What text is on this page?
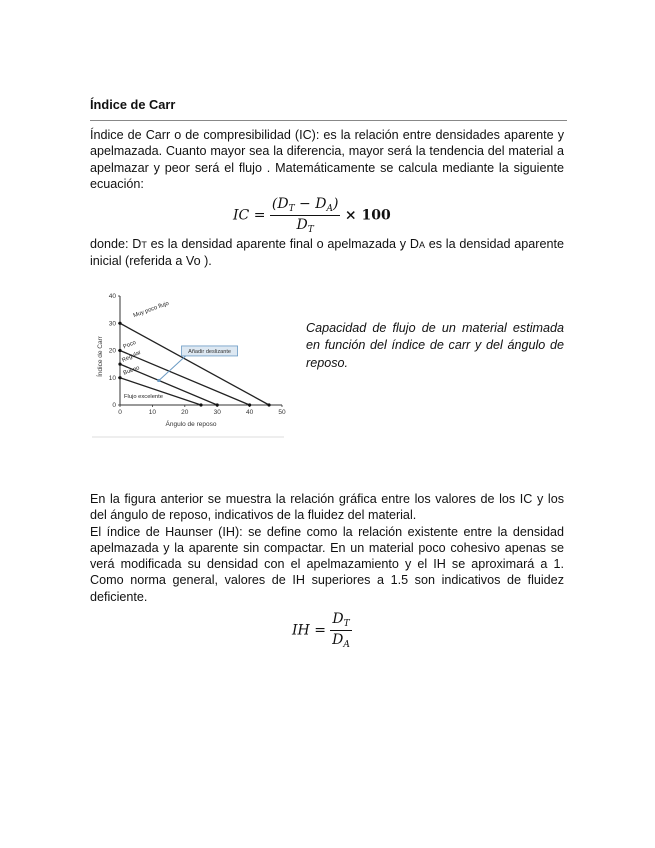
Índice de Carr
Índice de Carr o de compresibilidad (IC): es la relación entre densidades aparente y apelmazada. Cuanto mayor sea la diferencia, mayor será la tendencia del material a apelmazar y peor será el flujo . Matemáticamente se calcula mediante la siguiente ecuación:
IC = $\frac{(D_T - D_A)}{D_T} \times 100$
donde: DT es la densidad aparente final o apelmazada y DA es la densidad aparente inicial (referida a Vo ).
0	10	20	30	40	50
0
10
20
30
40
Ángulo de reposo
Índice de Carr
Muy poco flujo
Poco
Regular
Bueno
Flujo excelente
Añadir deslizante
Capacidad de flujo de un material estimada en función del índice de carr y del ángulo de reposo.
En la figura anterior se muestra la relación gráfica entre los valores de los IC y los del ángulo de reposo, indicativos de la fluidez del material.
El índice de Haunser (IH): se define como la relación existente entre la densidad apelmazada y la aparente sin compactar. En un material poco cohesivo apenas se verá modificada su densidad con el apelmazamiento y el IH se aproximará a 1. Como norma general, valores de IH superiores a 1.5 son indicativos de fluidez deficiente.
IH = $\frac{D_T}{D_A}$
